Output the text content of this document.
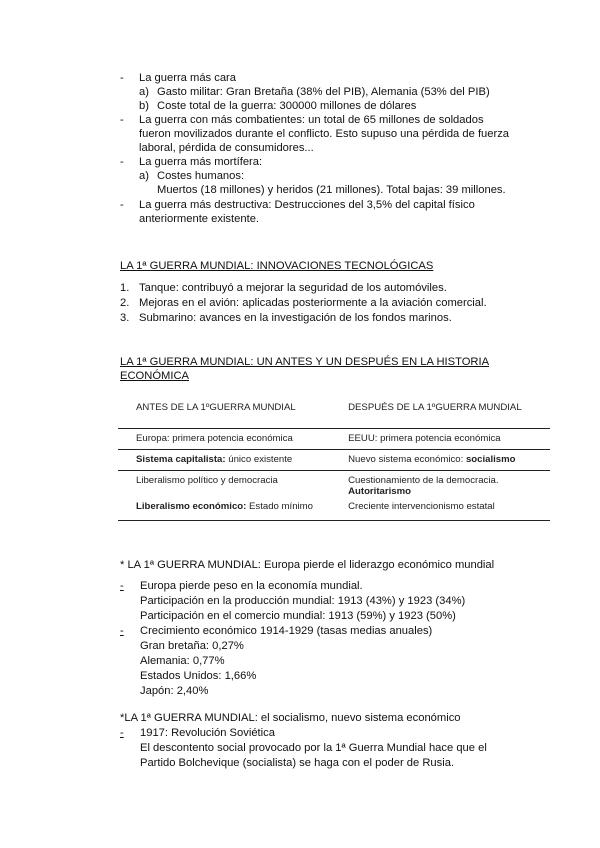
- La guerra más cara
a) Gasto militar: Gran Bretaña (38% del PIB), Alemania (53% del PIB)
b) Coste total de la guerra: 300000 millones de dólares
- La guerra con más combatientes: un total de 65 millones de soldados
fueron movilizados durante el conflicto. Esto supuso una pérdida de fuerza
laboral, pérdida de consumidores...
- La guerra más mortífera:
a) Costes humanos:
Muertos (18 millones) y heridos (21 millones). Total bajas: 39 millones.
- La guerra más destructiva: Destrucciones del 3,5% del capital físico
anteriormente existente.
LA 1ª GUERRA MUNDIAL: INNOVACIONES TECNOLÓGICAS
1. Tanque: contribuyó a mejorar la seguridad de los automóviles.
2. Mejoras en el avión: aplicadas posteriormente a la aviación comercial.
3. Submarino: avances en la investigación de los fondos marinos.
LA 1ª GUERRA MUNDIAL: UN ANTES Y UN DESPUÉS EN LA HISTORIA
ECONÓMICA
ANTES DE LA 1ºGUERRA MUNDIAL	DESPUÉS DE LA 1ºGUERRA MUNDIAL
Europa: primera potencia económica	EEUU: primera potencia económica
Sistema capitalista: único existente	Nuevo sistema económico: socialismo
Liberalismo político y democracia	Cuestionamiento de la democracia.
Autoritarismo
Liberalismo económico: Estado mínimo	Creciente intervencionismo estatal

* LA 1ª GUERRA MUNDIAL: Europa pierde el liderazgo económico mundial
-	Europa pierde peso en la economía mundial.
Participación en la producción mundial: 1913 (43%) y 1923 (34%)
Participación en el comercio mundial: 1913 (59%) y 1923 (50%)
-	Crecimiento económico 1914-1929 (tasas medias anuales)
Gran bretaña: 0,27%
Alemania: 0,77%
Estados Unidos: 1,66%
Japón: 2,40%
*LA 1ª GUERRA MUNDIAL: el socialismo, nuevo sistema económico
-	1917: Revolución Soviética
El descontento social provocado por la 1ª Guerra Mundial hace que el
Partido Bolchevique (socialista) se haga con el poder de Rusia.
